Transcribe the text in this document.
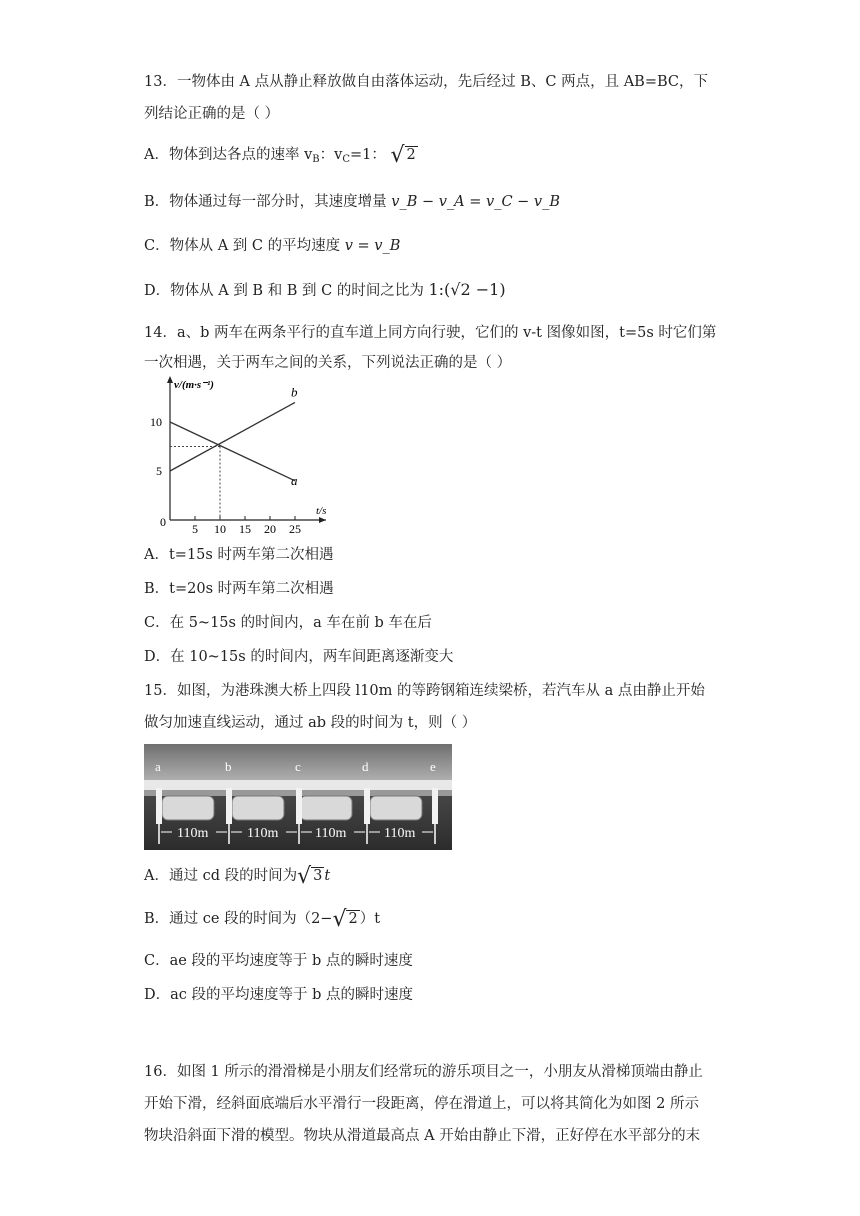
13．一物体由 A 点从静止释放做自由落体运动，先后经过 B、C 两点，且 AB=BC，下
列结论正确的是（ ）
A．物体到达各点的速率 $v_B$：$v_C=1$： √ 2
B．物体通过每一部分时，其速度增量 v_B − v_A = v_C − v_B
C．物体从 A 到 C 的平均速度 v = v_B
D．物体从 A 到 B 和 B 到 C 的时间之比为 1:(√2 −1)
14．a、b 两车在两条平行的直车道上同方向行驶，它们的 v-t 图像如图，t=5s 时它们第
一次相遇，关于两车之间的关系，下列说法正确的是（ ）
v/(m·s⁻¹)
t/s
0 5 10 15 20 25
5
10
a
b
A．t=15s 时两车第二次相遇
B．t=20s 时两车第二次相遇
C．在 5~15s 的时间内，a 车在前 b 车在后
D．在 10~15s 的时间内，两车间距离逐渐变大
15．如图，为港珠澳大桥上四段 l10m 的等跨钢箱连续梁桥，若汽车从 a 点由静止开始
做匀加速直线运动，通过 ab 段的时间为 t，则（ ）
a	b	c	d	e
110m	110m	110m	110m
A．通过 cd 段的时间为√ 3 t
B．通过 ce 段的时间为（2−√ 2 ）t
C．ae 段的平均速度等于 b 点的瞬时速度
D．ac 段的平均速度等于 b 点的瞬时速度
16．如图 1 所示的滑滑梯是小朋友们经常玩的游乐项目之一，小朋友从滑梯顶端由静止
开始下滑，经斜面底端后水平滑行一段距离，停在滑道上，可以将其简化为如图 2 所示
物块沿斜面下滑的模型。物块从滑道最高点 A 开始由静止下滑，正好停在水平部分的末
